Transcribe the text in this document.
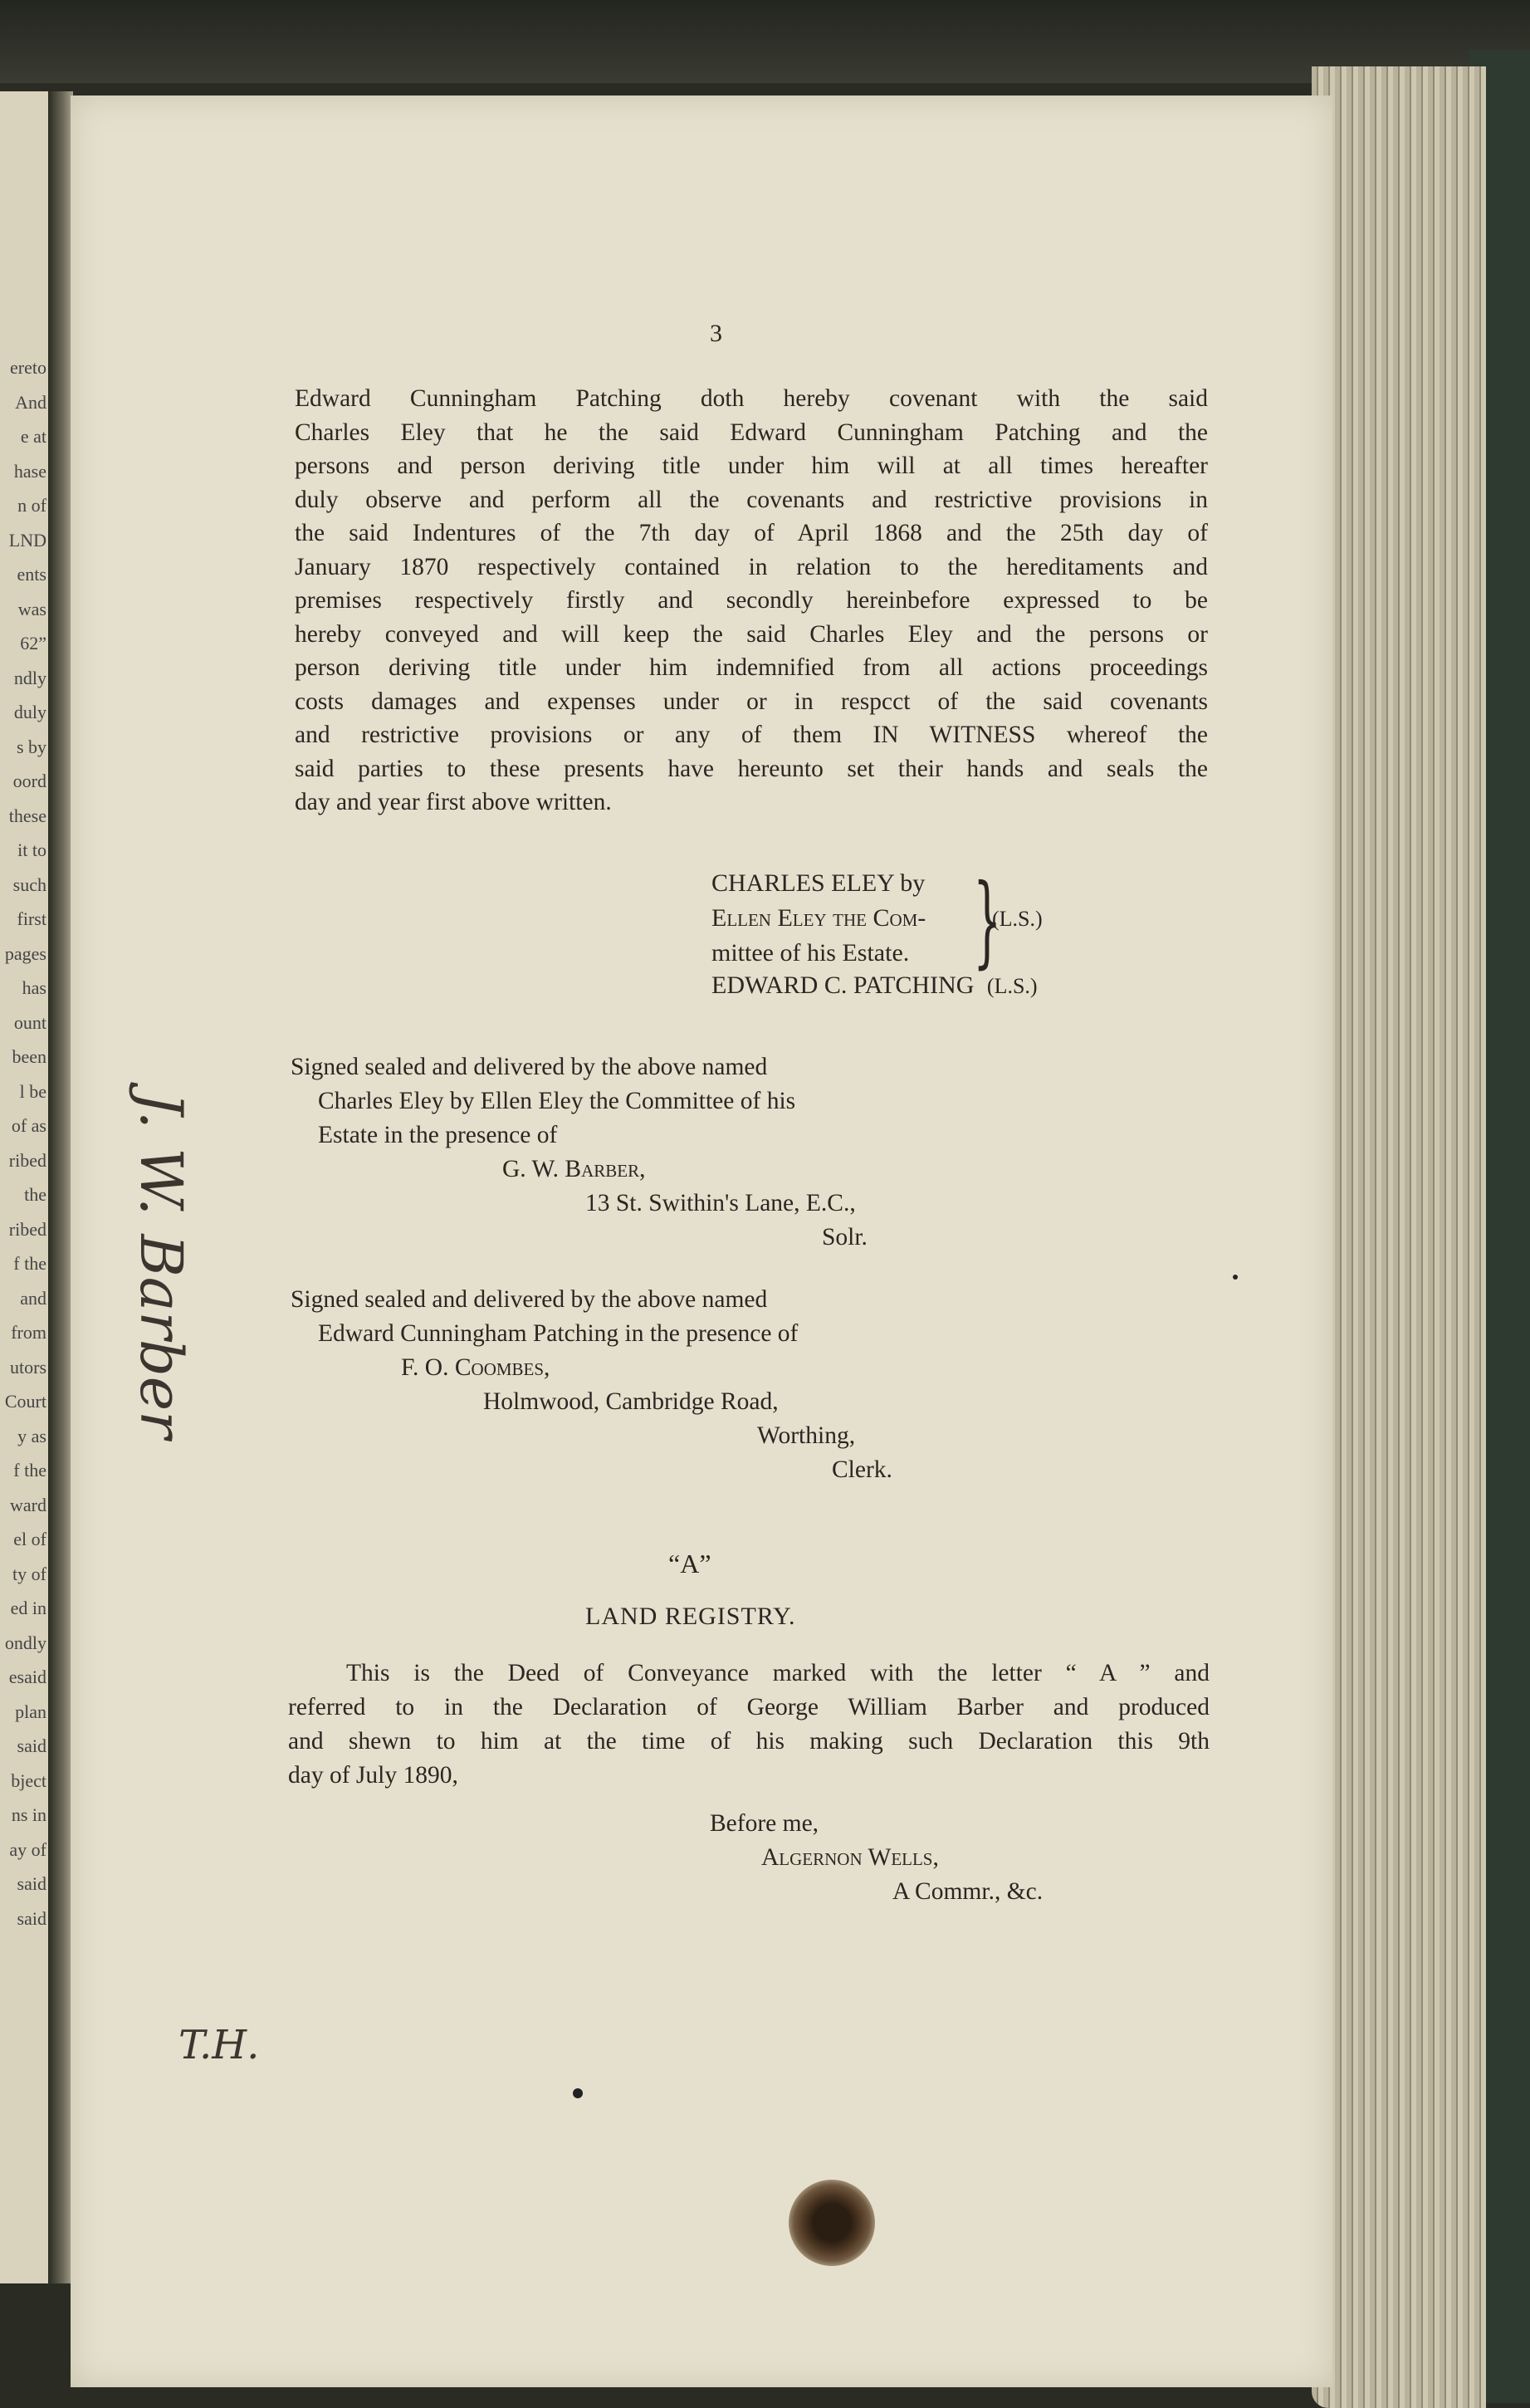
ereto
And
e at
hase
n of
LND
ents
was
62”
ndly
duly
s by
oord
these
it to
such
first
pages
has
ount
been
l be
of as
ribed
the
ribed
f the
and
from
utors
Court
y as
f the
ward
el of
ty of
ed in
ondly
esaid
plan
said
bject
ns in
ay of
said
said
3
Edward Cunningham Patching doth hereby covenant with the said
Charles Eley that he the said Edward Cunningham Patching and the
persons and person deriving title under him will at all times hereafter
duly observe and perform all the covenants and restrictive provisions in
the said Indentures of the 7th day of April 1868 and the 25th day of
January 1870 respectively contained in relation to the hereditaments and
premises respectively firstly and secondly hereinbefore expressed to be
hereby conveyed and will keep the said Charles Eley and the persons or
person deriving title under him indemnified from all actions proceedings
costs damages and expenses under or in respcct of the said covenants
and restrictive provisions or any of them IN WITNESS whereof the
said parties to these presents have hereunto set their hands and seals the
day and year first above written.
CHARLES ELEY by
Ellen Eley the Com-
mittee of his Estate. }
(L.S.)
EDWARD C. PATCHING (L.S.)
Signed sealed and delivered by the above named
Charles Eley by Ellen Eley the Committee of his
Estate in the presence of
G. W. Barber,
13 St. Swithin's Lane, E.C.,
Solr.
Signed sealed and delivered by the above named
Edward Cunningham Patching in the presence of
F. O. Coombes,
Holmwood, Cambridge Road,
Worthing,
Clerk.
“A”
LAND REGISTRY.
This is the Deed of Conveyance marked with the letter “ A ” and
referred to in the Declaration of George William Barber and produced
and shewn to him at the time of his making such Declaration this 9th
day of July 1890,
Before me,
Algernon Wells,
A Commr., &c.
J. W. Barber
T.H.
